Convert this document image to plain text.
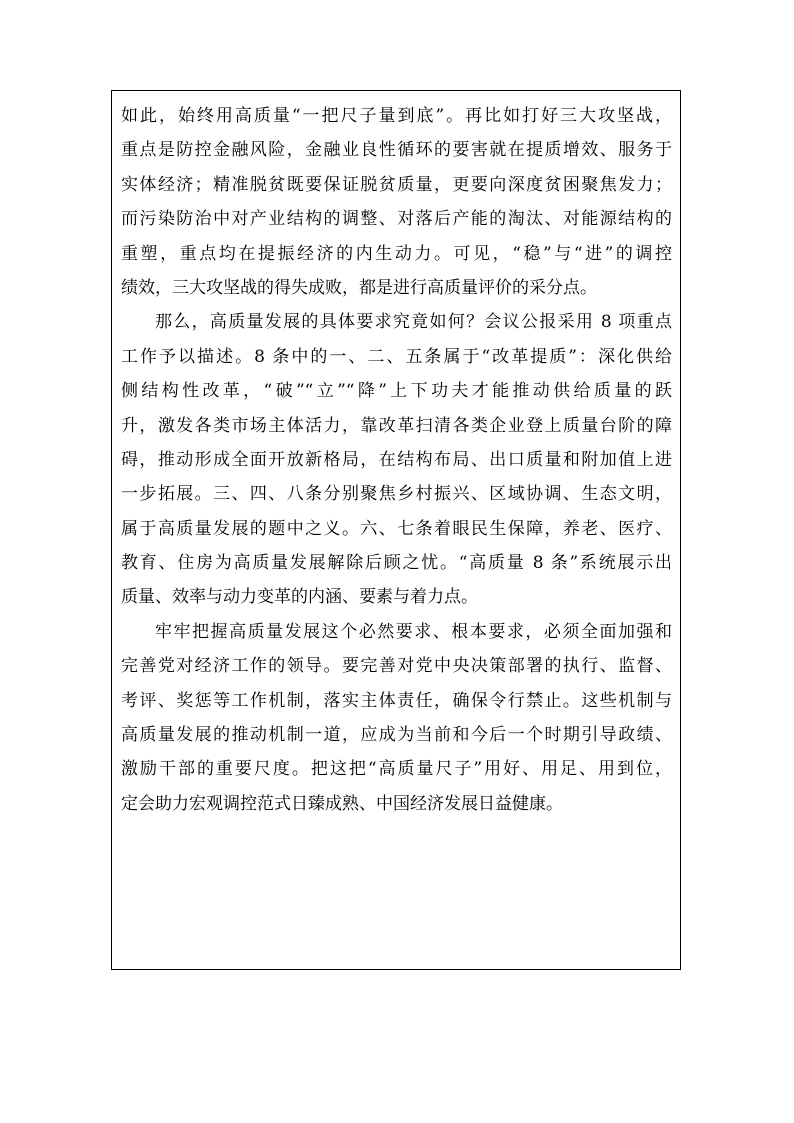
如此，始终用高质量“一把尺子量到底”。再比如打好三大攻坚战，
重点是防控金融风险，金融业良性循环的要害就在提质增效、服务于
实体经济；精准脱贫既要保证脱贫质量，更要向深度贫困聚焦发力；
而污染防治中对产业结构的调整、对落后产能的淘汰、对能源结构的
重塑，重点均在提振经济的内生动力。可见，“稳”与“进”的调控
绩效，三大攻坚战的得失成败，都是进行高质量评价的采分点。
那么，高质量发展的具体要求究竟如何？会议公报采用 8 项重点
工作予以描述。8 条中的一、二、五条属于“改革提质”：深化供给
侧结构性改革，“破”“立”“降”上下功夫才能推动供给质量的跃
升，激发各类市场主体活力，靠改革扫清各类企业登上质量台阶的障
碍，推动形成全面开放新格局，在结构布局、出口质量和附加值上进
一步拓展。三、四、八条分别聚焦乡村振兴、区域协调、生态文明，
属于高质量发展的题中之义。六、七条着眼民生保障，养老、医疗、
教育、住房为高质量发展解除后顾之忧。“高质量 8 条”系统展示出
质量、效率与动力变革的内涵、要素与着力点。
牢牢把握高质量发展这个必然要求、根本要求，必须全面加强和
完善党对经济工作的领导。要完善对党中央决策部署的执行、监督、
考评、奖惩等工作机制，落实主体责任，确保令行禁止。这些机制与
高质量发展的推动机制一道，应成为当前和今后一个时期引导政绩、
激励干部的重要尺度。把这把“高质量尺子”用好、用足、用到位，
定会助力宏观调控范式日臻成熟、中国经济发展日益健康。
